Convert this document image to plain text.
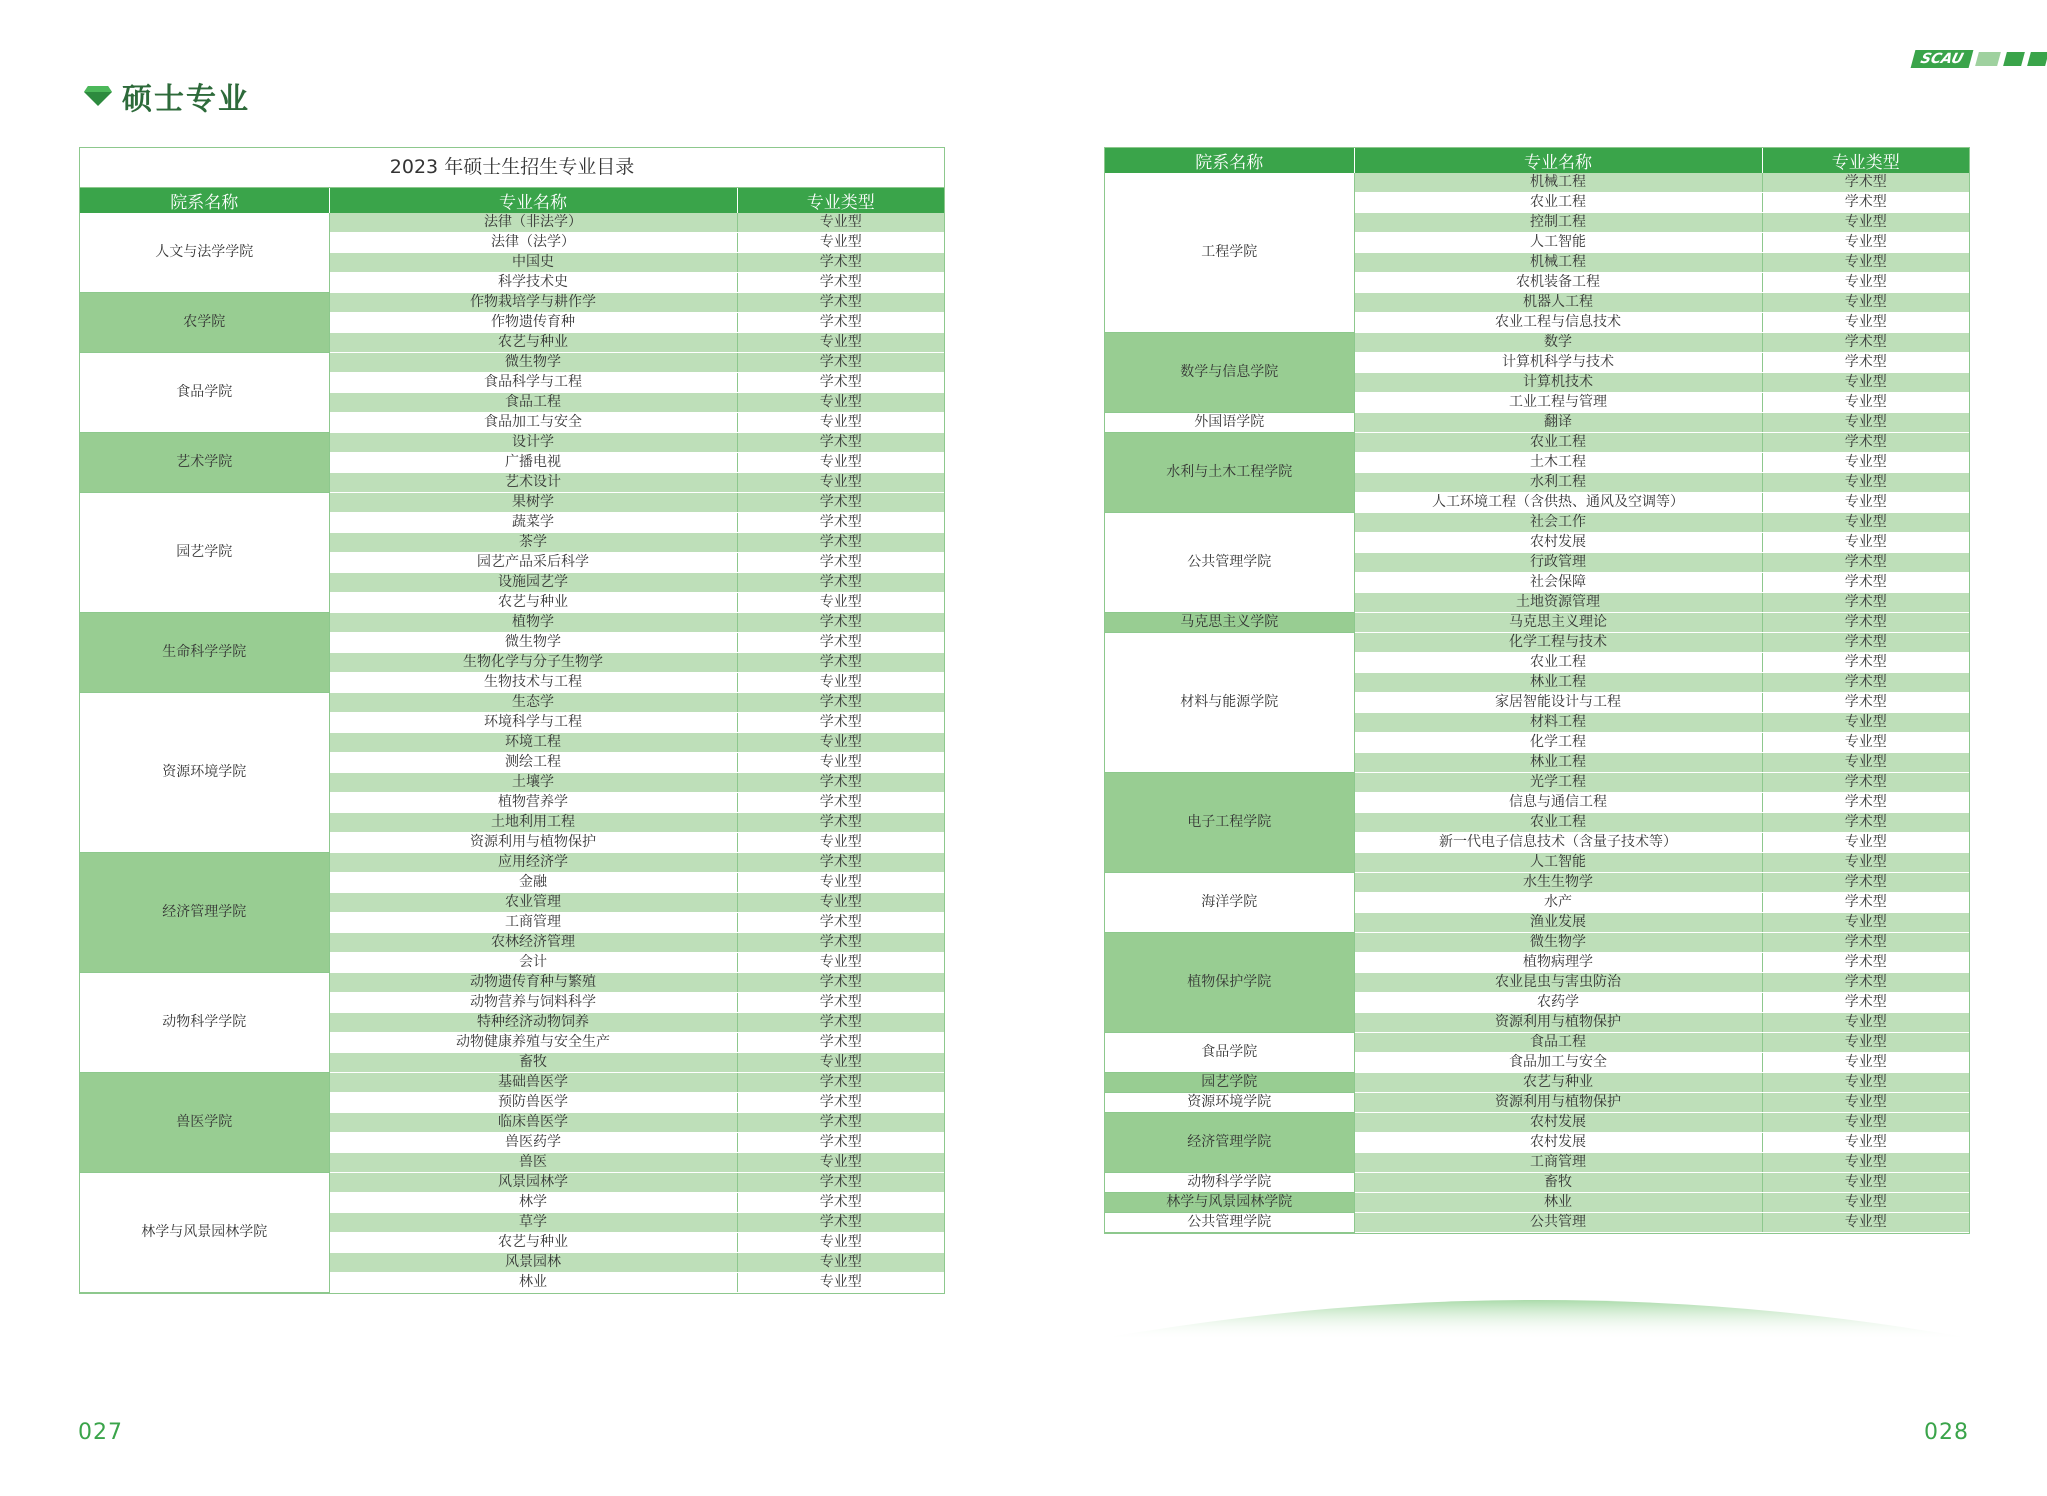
硕士专业
SCAU
2023 年硕士生招生专业目录
院系名称	专业名称	专业类型
人文与法学学院	法律（非法学）	专业型
	法律（法学）	专业型
	中国史	学术型
	科学技术史	学术型
农学院	作物栽培学与耕作学	学术型
	作物遗传育种	学术型
	农艺与种业	专业型
食品学院	微生物学	学术型
	食品科学与工程	学术型
	食品工程	专业型
	食品加工与安全	专业型
艺术学院	设计学	学术型
	广播电视	专业型
	艺术设计	专业型
园艺学院	果树学	学术型
	蔬菜学	学术型
	茶学	学术型
	园艺产品采后科学	学术型
	设施园艺学	学术型
	农艺与种业	专业型
生命科学学院	植物学	学术型
	微生物学	学术型
	生物化学与分子生物学	学术型
	生物技术与工程	专业型
资源环境学院	生态学	学术型
	环境科学与工程	学术型
	环境工程	专业型
	测绘工程	专业型
	土壤学	学术型
	植物营养学	学术型
	土地利用工程	学术型
	资源利用与植物保护	专业型
经济管理学院	应用经济学	学术型
	金融	专业型
	农业管理	专业型
	工商管理	学术型
	农林经济管理	学术型
	会计	专业型
动物科学学院	动物遗传育种与繁殖	学术型
	动物营养与饲料科学	学术型
	特种经济动物饲养	学术型
	动物健康养殖与安全生产	学术型
	畜牧	专业型
兽医学院	基础兽医学	学术型
	预防兽医学	学术型
	临床兽医学	学术型
	兽医药学	学术型
	兽医	专业型
林学与风景园林学院	风景园林学	学术型
	林学	学术型
	草学	学术型
	农艺与种业	专业型
	风景园林	专业型
	林业	专业型
院系名称	专业名称	专业类型
工程学院	机械工程	学术型
	农业工程	学术型
	控制工程	专业型
	人工智能	专业型
	机械工程	专业型
	农机装备工程	专业型
	机器人工程	专业型
	农业工程与信息技术	专业型
数学与信息学院	数学	学术型
	计算机科学与技术	学术型
	计算机技术	专业型
	工业工程与管理	专业型
外国语学院	翻译	专业型
水利与土木工程学院	农业工程	学术型
	土木工程	专业型
	水利工程	专业型
	人工环境工程（含供热、通风及空调等）	专业型
公共管理学院	社会工作	专业型
	农村发展	专业型
	行政管理	学术型
	社会保障	学术型
	土地资源管理	学术型
马克思主义学院	马克思主义理论	学术型
材料与能源学院	化学工程与技术	学术型
	农业工程	学术型
	林业工程	学术型
	家居智能设计与工程	学术型
	材料工程	专业型
	化学工程	专业型
	林业工程	专业型
电子工程学院	光学工程	学术型
	信息与通信工程	学术型
	农业工程	学术型
	新一代电子信息技术（含量子技术等）	专业型
	人工智能	专业型
海洋学院	水生生物学	学术型
	水产	学术型
	渔业发展	专业型
植物保护学院	微生物学	学术型
	植物病理学	学术型
	农业昆虫与害虫防治	学术型
	农药学	学术型
	资源利用与植物保护	专业型
食品学院	食品工程	专业型
	食品加工与安全	专业型
园艺学院	农艺与种业	专业型
资源环境学院	资源利用与植物保护	专业型
经济管理学院	农村发展	专业型
	农村发展	专业型
	工商管理	专业型
动物科学学院	畜牧	专业型
林学与风景园林学院	林业	专业型
公共管理学院	公共管理	专业型
027	028
